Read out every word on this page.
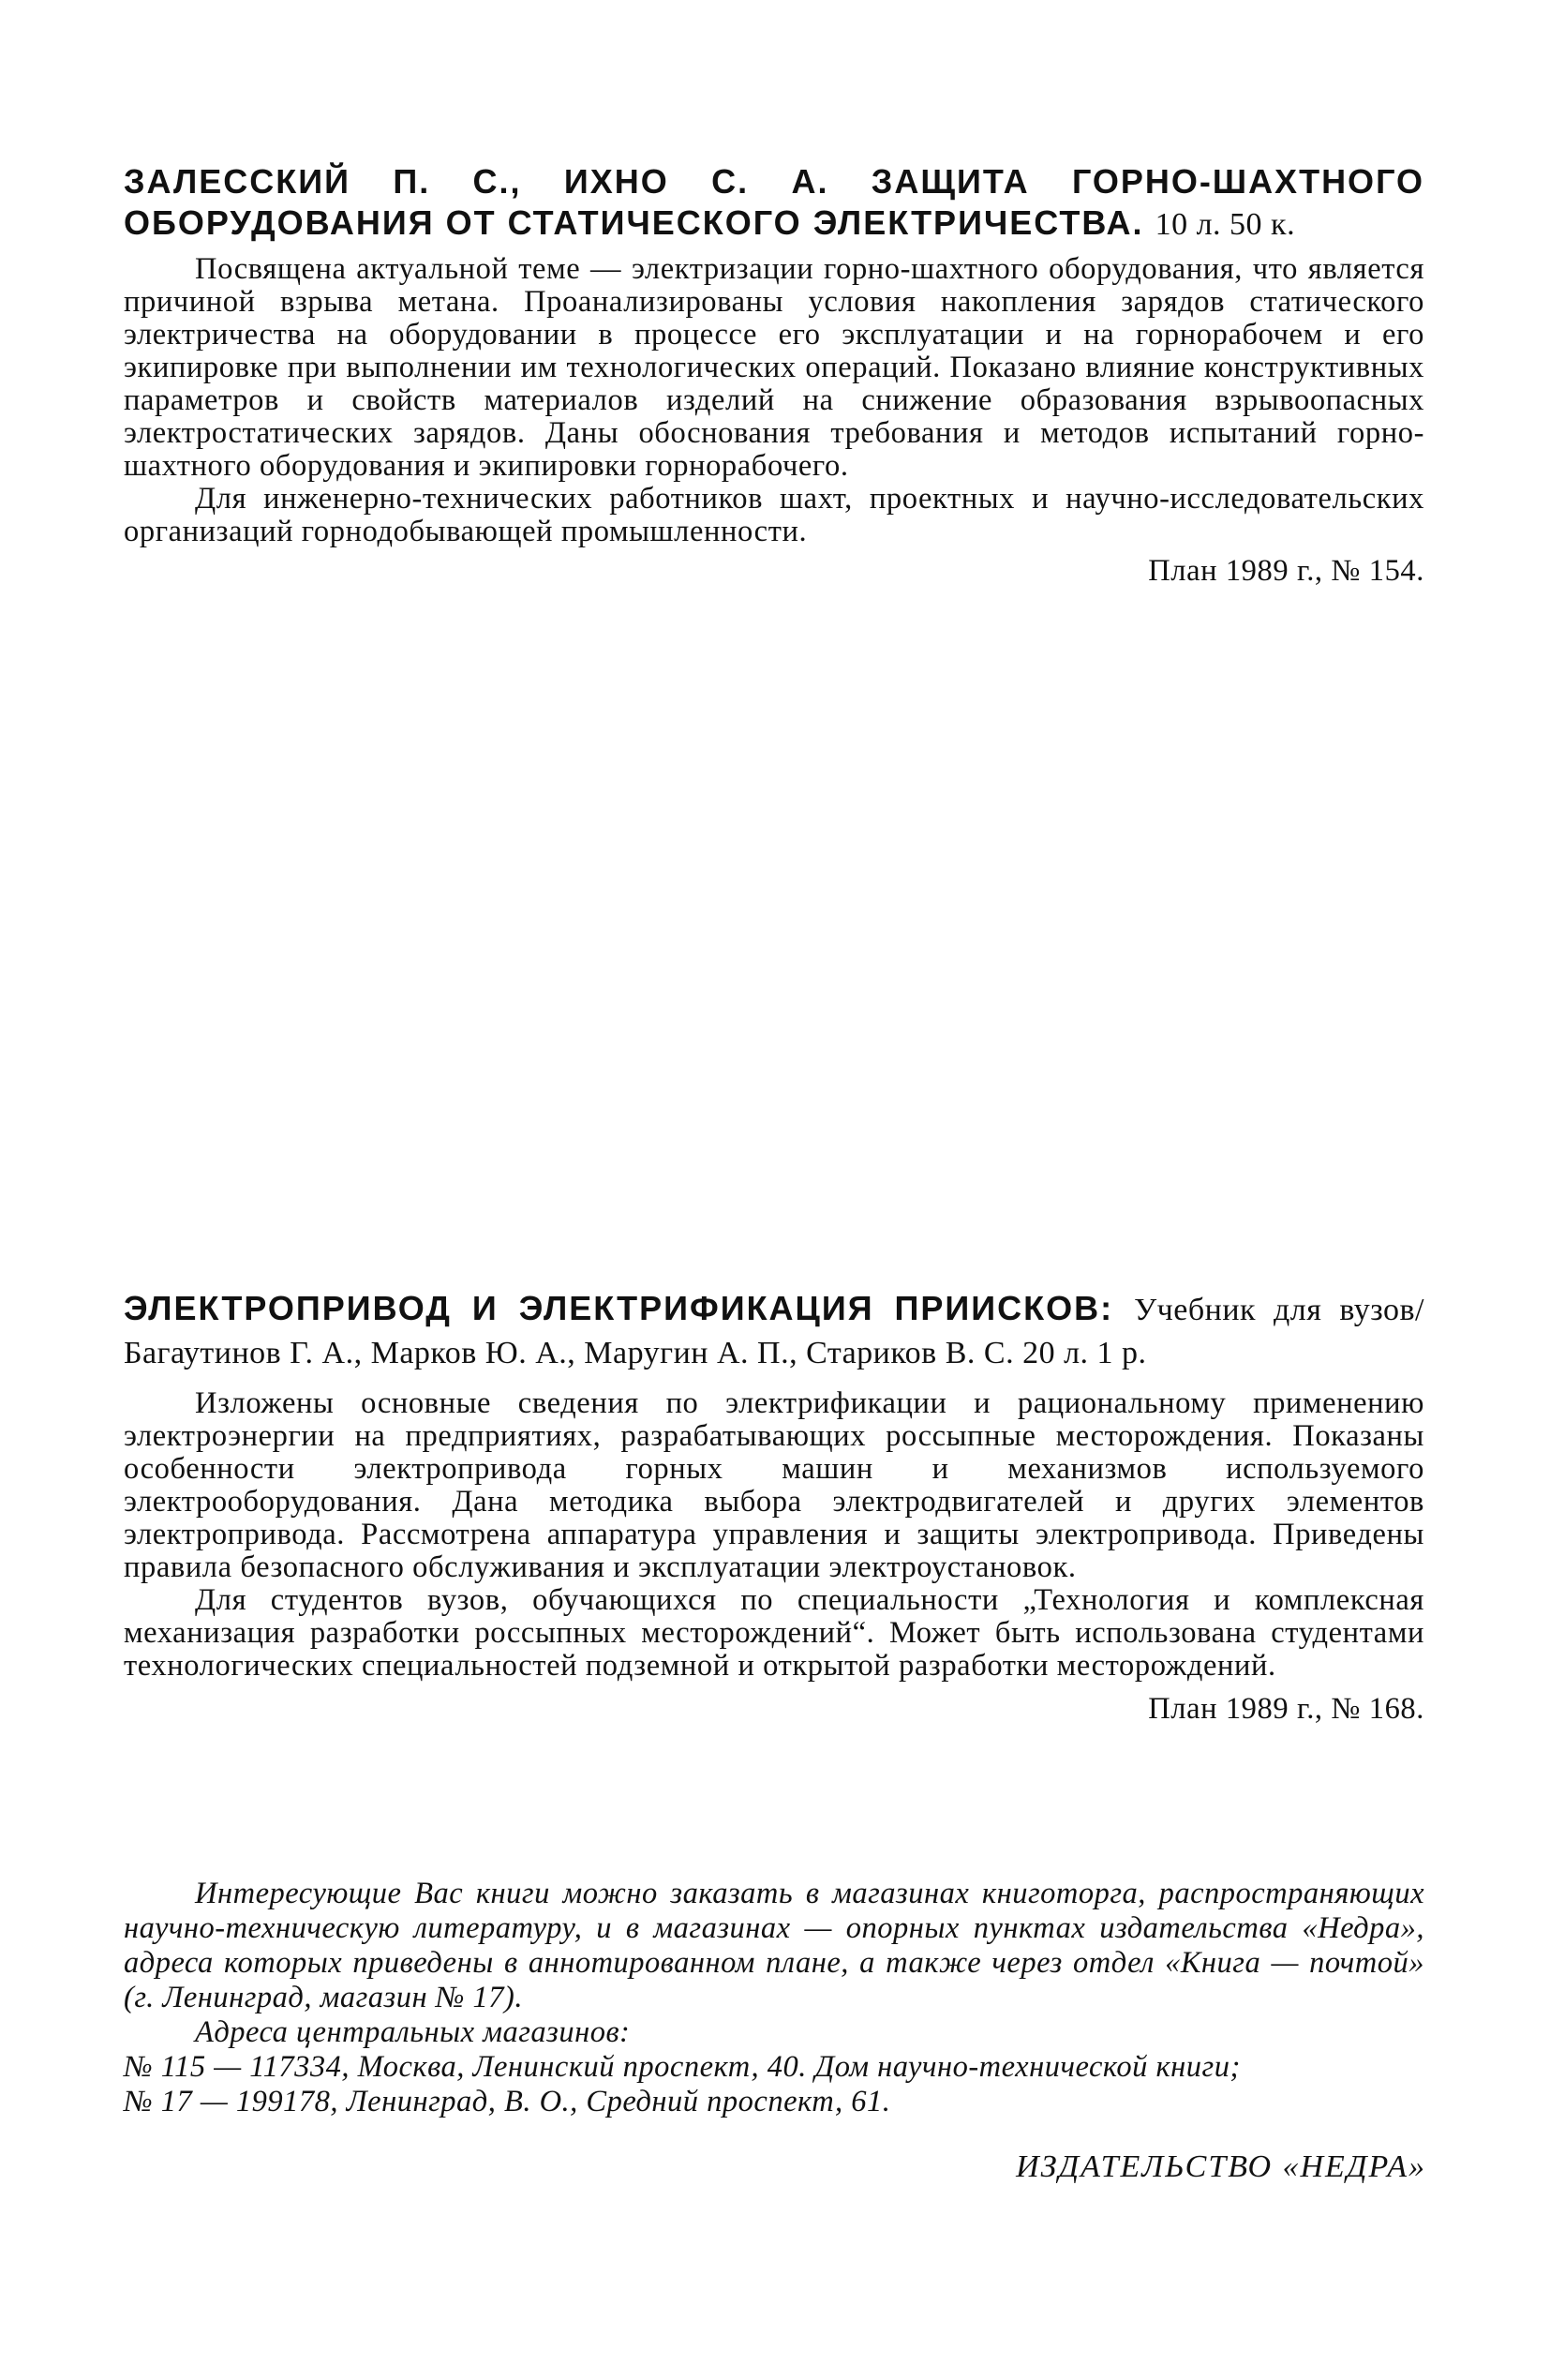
ЗАЛЕССКИЙ П. С., ИХНО С. А. ЗАЩИТА ГОРНО-ШАХТНОГО ОБОРУДОВАНИЯ ОТ СТАТИЧЕСКОГО ЭЛЕКТРИЧЕСТВА. 10 л. 50 к.

Посвящена актуальной теме — электризации горно-шахтного оборудования, что является причиной взрыва метана. Проанализированы условия накопления зарядов статического электричества на оборудовании в процессе его эксплуатации и на горнорабочем и его экипировке при выполнении им технологических операций. Показано влияние конструктивных параметров и свойств материалов изделий на снижение образования взрывоопасных электростатических зарядов. Даны обоснования требования и методов испытаний горно-шахтного оборудования и экипировки горнорабочего.

Для инженерно-технических работников шахт, проектных и научно-исследовательских организаций горнодобывающей промышленности.

План 1989 г., № 154.

ЭЛЕКТРОПРИВОД И ЭЛЕКТРИФИКАЦИЯ ПРИИСКОВ: Учебник для вузов/ Багаутинов Г. А., Марков Ю. А., Маругин А. П., Стариков В. С. 20 л. 1 р.

Изложены основные сведения по электрификации и рациональному применению электроэнергии на предприятиях, разрабатывающих россыпные месторождения. Показаны особенности электропривода горных машин и механизмов используемого электрооборудования. Дана методика выбора электродвигателей и других элементов электропривода. Рассмотрена аппаратура управления и защиты электропривода. Приведены правила безопасного обслуживания и эксплуатации электроустановок.

Для студентов вузов, обучающихся по специальности „Технология и комплексная механизация разработки россыпных месторождений“. Может быть использована студентами технологических специальностей подземной и открытой разработки месторождений.

План 1989 г., № 168.

Интересующие Вас книги можно заказать в магазинах книготорга, распространяющих научно-техническую литературу, и в магазинах — опорных пунктах издательства «Недра», адреса которых приведены в аннотированном плане, а также через отдел «Книга — почтой» (г. Ленинград, магазин № 17).

Адреса центральных магазинов:

№ 115 — 117334, Москва, Ленинский проспект, 40. Дом научно-технической книги;

№ 17 — 199178, Ленинград, В. О., Средний проспект, 61.

ИЗДАТЕЛЬСТВО «НЕДРА»
